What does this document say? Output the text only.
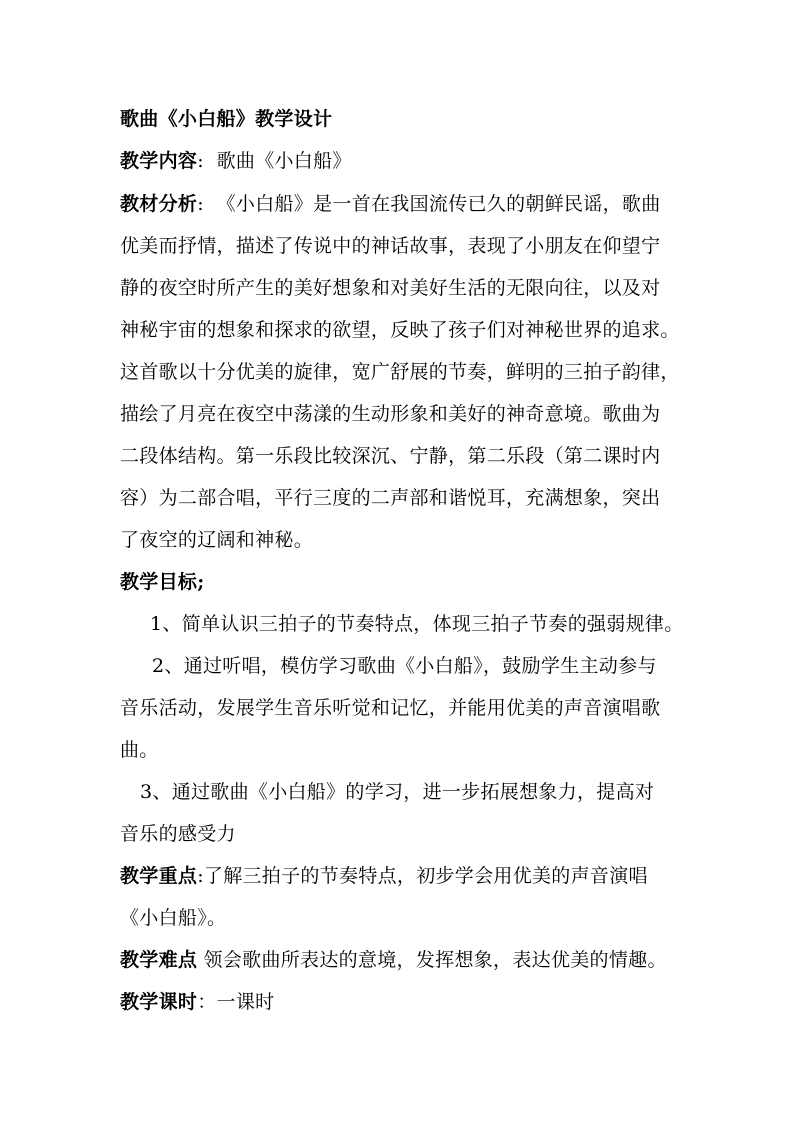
歌曲《小白船》教学设计
教学内容: 歌曲《小白船》
教材分析: 《小白船》是一首在我国流传已久的朝鲜民谣，歌曲
优美而抒情，描述了传说中的神话故事，表现了小朋友在仰望宁
静的夜空时所产生的美好想象和对美好生活的无限向往，以及对
神秘宇宙的想象和探求的欲望，反映了孩子们对神秘世界的追求。
这首歌以十分优美的旋律，宽广舒展的节奏，鲜明的三拍子韵律，
描绘了月亮在夜空中荡漾的生动形象和美好的神奇意境。歌曲为
二段体结构。第一乐段比较深沉、宁静，第二乐段（第二课时内
容）为二部合唱，平行三度的二声部和谐悦耳，充满想象，突出
了夜空的辽阔和神秘。
教学目标;
1、简单认识三拍子的节奏特点，体现三拍子节奏的强弱规律。
2、通过听唱，模仿学习歌曲《小白船》，鼓励学生主动参与
音乐活动，发展学生音乐听觉和记忆，并能用优美的声音演唱歌
曲。
3、通过歌曲《小白船》的学习，进一步拓展想象力，提高对
音乐的感受力
教学重点:了解三拍子的节奏特点，初步学会用优美的声音演唱
《小白船》。
教学难点 领会歌曲所表达的意境，发挥想象，表达优美的情趣。
教学课时：一课时
